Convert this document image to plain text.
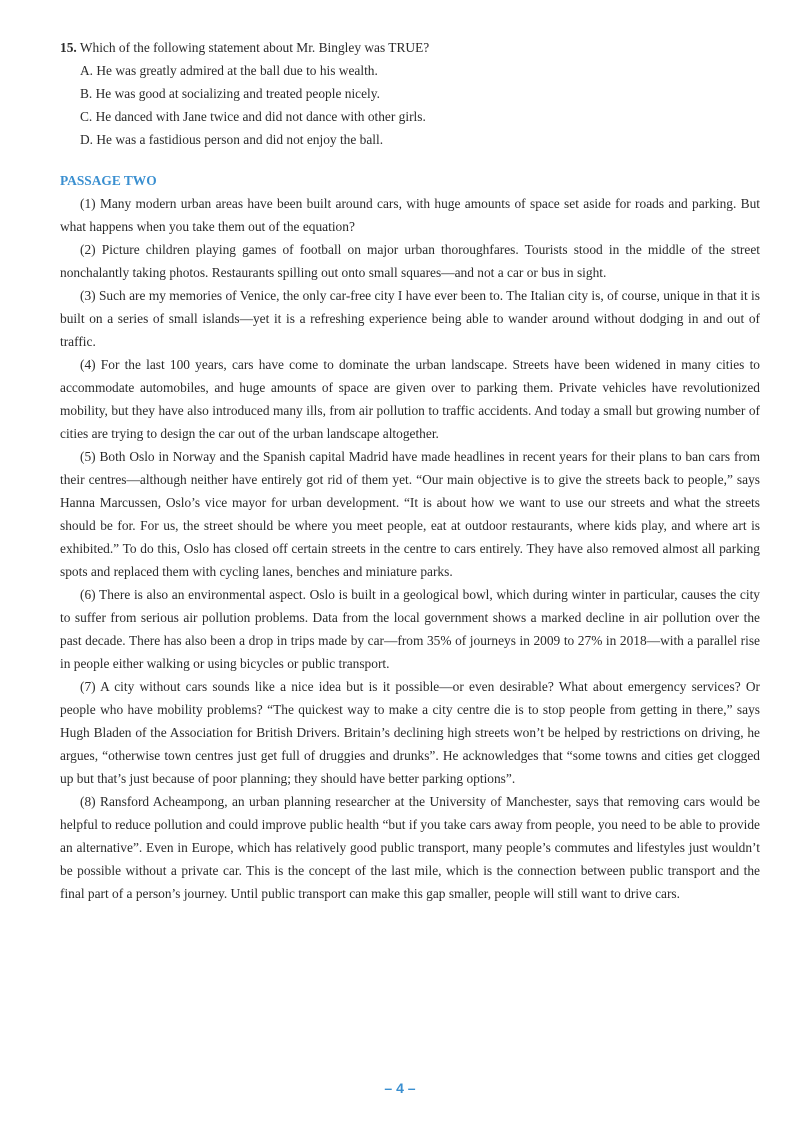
15. Which of the following statement about Mr. Bingley was TRUE?

A. He was greatly admired at the ball due to his wealth.
B. He was good at socializing and treated people nicely.
C. He danced with Jane twice and did not dance with other girls.
D. He was a fastidious person and did not enjoy the ball.

PASSAGE TWO

(1) Many modern urban areas have been built around cars, with huge amounts of space set aside for roads and parking. But what happens when you take them out of the equation?

(2) Picture children playing games of football on major urban thoroughfares. Tourists stood in the middle of the street nonchalantly taking photos. Restaurants spilling out onto small squares—and not a car or bus in sight.

(3) Such are my memories of Venice, the only car-free city I have ever been to. The Italian city is, of course, unique in that it is built on a series of small islands—yet it is a refreshing experience being able to wander around without dodging in and out of traffic.

(4) For the last 100 years, cars have come to dominate the urban landscape. Streets have been widened in many cities to accommodate automobiles, and huge amounts of space are given over to parking them. Private vehicles have revolutionized mobility, but they have also introduced many ills, from air pollution to traffic accidents. And today a small but growing number of cities are trying to design the car out of the urban landscape altogether.

(5) Both Oslo in Norway and the Spanish capital Madrid have made headlines in recent years for their plans to ban cars from their centres—although neither have entirely got rid of them yet. “Our main objective is to give the streets back to people,” says Hanna Marcussen, Oslo’s vice mayor for urban development. “It is about how we want to use our streets and what the streets should be for. For us, the street should be where you meet people, eat at outdoor restaurants, where kids play, and where art is exhibited.” To do this, Oslo has closed off certain streets in the centre to cars entirely. They have also removed almost all parking spots and replaced them with cycling lanes, benches and miniature parks.

(6) There is also an environmental aspect. Oslo is built in a geological bowl, which during winter in particular, causes the city to suffer from serious air pollution problems. Data from the local government shows a marked decline in air pollution over the past decade. There has also been a drop in trips made by car—from 35% of journeys in 2009 to 27% in 2018—with a parallel rise in people either walking or using bicycles or public transport.

(7) A city without cars sounds like a nice idea but is it possible—or even desirable? What about emergency services? Or people who have mobility problems? “The quickest way to make a city centre die is to stop people from getting in there,” says Hugh Bladen of the Association for British Drivers. Britain’s declining high streets won’t be helped by restrictions on driving, he argues, “otherwise town centres just get full of druggies and drunks”. He acknowledges that “some towns and cities get clogged up but that’s just because of poor planning; they should have better parking options”.

(8) Ransford Acheampong, an urban planning researcher at the University of Manchester, says that removing cars would be helpful to reduce pollution and could improve public health “but if you take cars away from people, you need to be able to provide an alternative”. Even in Europe, which has relatively good public transport, many people’s commutes and lifestyles just wouldn’t be possible without a private car. This is the concept of the last mile, which is the connection between public transport and the final part of a person’s journey. Until public transport can make this gap smaller, people will still want to drive cars.

– 4 –
